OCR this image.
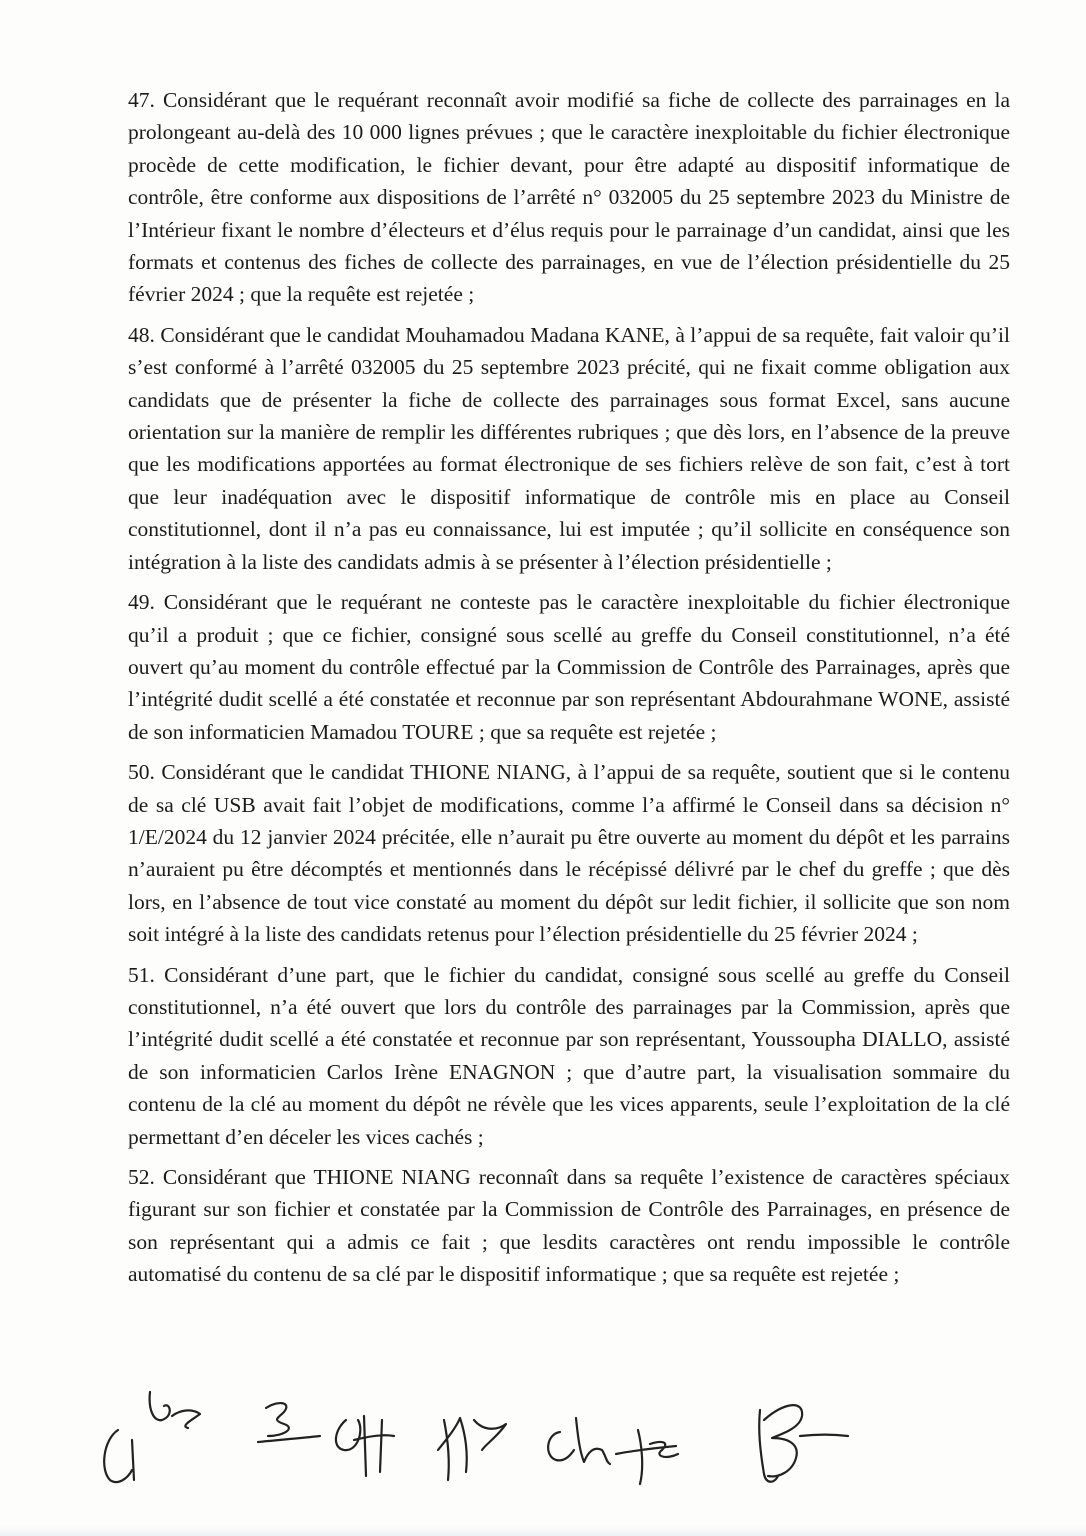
47. Considérant que le requérant reconnaît avoir modifié sa fiche de collecte des parrainages en la prolongeant au-delà des 10 000 lignes prévues ; que le caractère inexploitable du fichier électronique procède de cette modification, le fichier devant, pour être adapté au dispositif informatique de contrôle, être conforme aux dispositions de l’arrêté n° 032005 du 25 septembre 2023 du Ministre de l’Intérieur fixant le nombre d’électeurs et d’élus requis pour le parrainage d’un candidat, ainsi que les formats et contenus des fiches de collecte des parrainages, en vue de l’élection présidentielle du 25 février 2024 ; que la requête est rejetée ;

48. Considérant que le candidat Mouhamadou Madana KANE, à l’appui de sa requête, fait valoir qu’il s’est conformé à l’arrêté 032005 du 25 septembre 2023 précité, qui ne fixait comme obligation aux candidats que de présenter la fiche de collecte des parrainages sous format Excel, sans aucune orientation sur la manière de remplir les différentes rubriques ; que dès lors, en l’absence de la preuve que les modifications apportées au format électronique de ses fichiers relève de son fait, c’est à tort que leur inadéquation avec le dispositif informatique de contrôle mis en place au Conseil constitutionnel, dont il n’a pas eu connaissance, lui est imputée ; qu’il sollicite en conséquence son intégration à la liste des candidats admis à se présenter à l’élection présidentielle ;

49. Considérant que le requérant ne conteste pas le caractère inexploitable du fichier électronique qu’il a produit ; que ce fichier, consigné sous scellé au greffe du Conseil constitutionnel, n’a été ouvert qu’au moment du contrôle effectué par la Commission de Contrôle des Parrainages, après que l’intégrité dudit scellé a été constatée et reconnue par son représentant Abdourahmane WONE, assisté de son informaticien Mamadou TOURE ; que sa requête est rejetée ;

50. Considérant que le candidat THIONE NIANG, à l’appui de sa requête, soutient que si le contenu de sa clé USB avait fait l’objet de modifications, comme l’a affirmé le Conseil dans sa décision n° 1/E/2024 du 12 janvier 2024 précitée, elle n’aurait pu être ouverte au moment du dépôt et les parrains n’auraient pu être décomptés et mentionnés dans le récépissé délivré par le chef du greffe ; que dès lors, en l’absence de tout vice constaté au moment du dépôt sur ledit fichier, il sollicite que son nom soit intégré à la liste des candidats retenus pour l’élection présidentielle du 25 février 2024 ;

51. Considérant d’une part, que le fichier du candidat, consigné sous scellé au greffe du Conseil constitutionnel, n’a été ouvert que lors du contrôle des parrainages par la Commission, après que l’intégrité dudit scellé a été constatée et reconnue par son représentant, Youssoupha DIALLO, assisté de son informaticien Carlos Irène ENAGNON ; que d’autre part, la visualisation sommaire du contenu de la clé au moment du dépôt ne révèle que les vices apparents, seule l’exploitation de la clé permettant d’en déceler les vices cachés ;

52. Considérant que THIONE NIANG reconnaît dans sa requête l’existence de caractères spéciaux figurant sur son fichier et constatée par la Commission de Contrôle des Parrainages, en présence de son représentant qui a admis ce fait ; que lesdits caractères ont rendu impossible le contrôle automatisé du contenu de sa clé par le dispositif informatique ; que sa requête est rejetée ;
